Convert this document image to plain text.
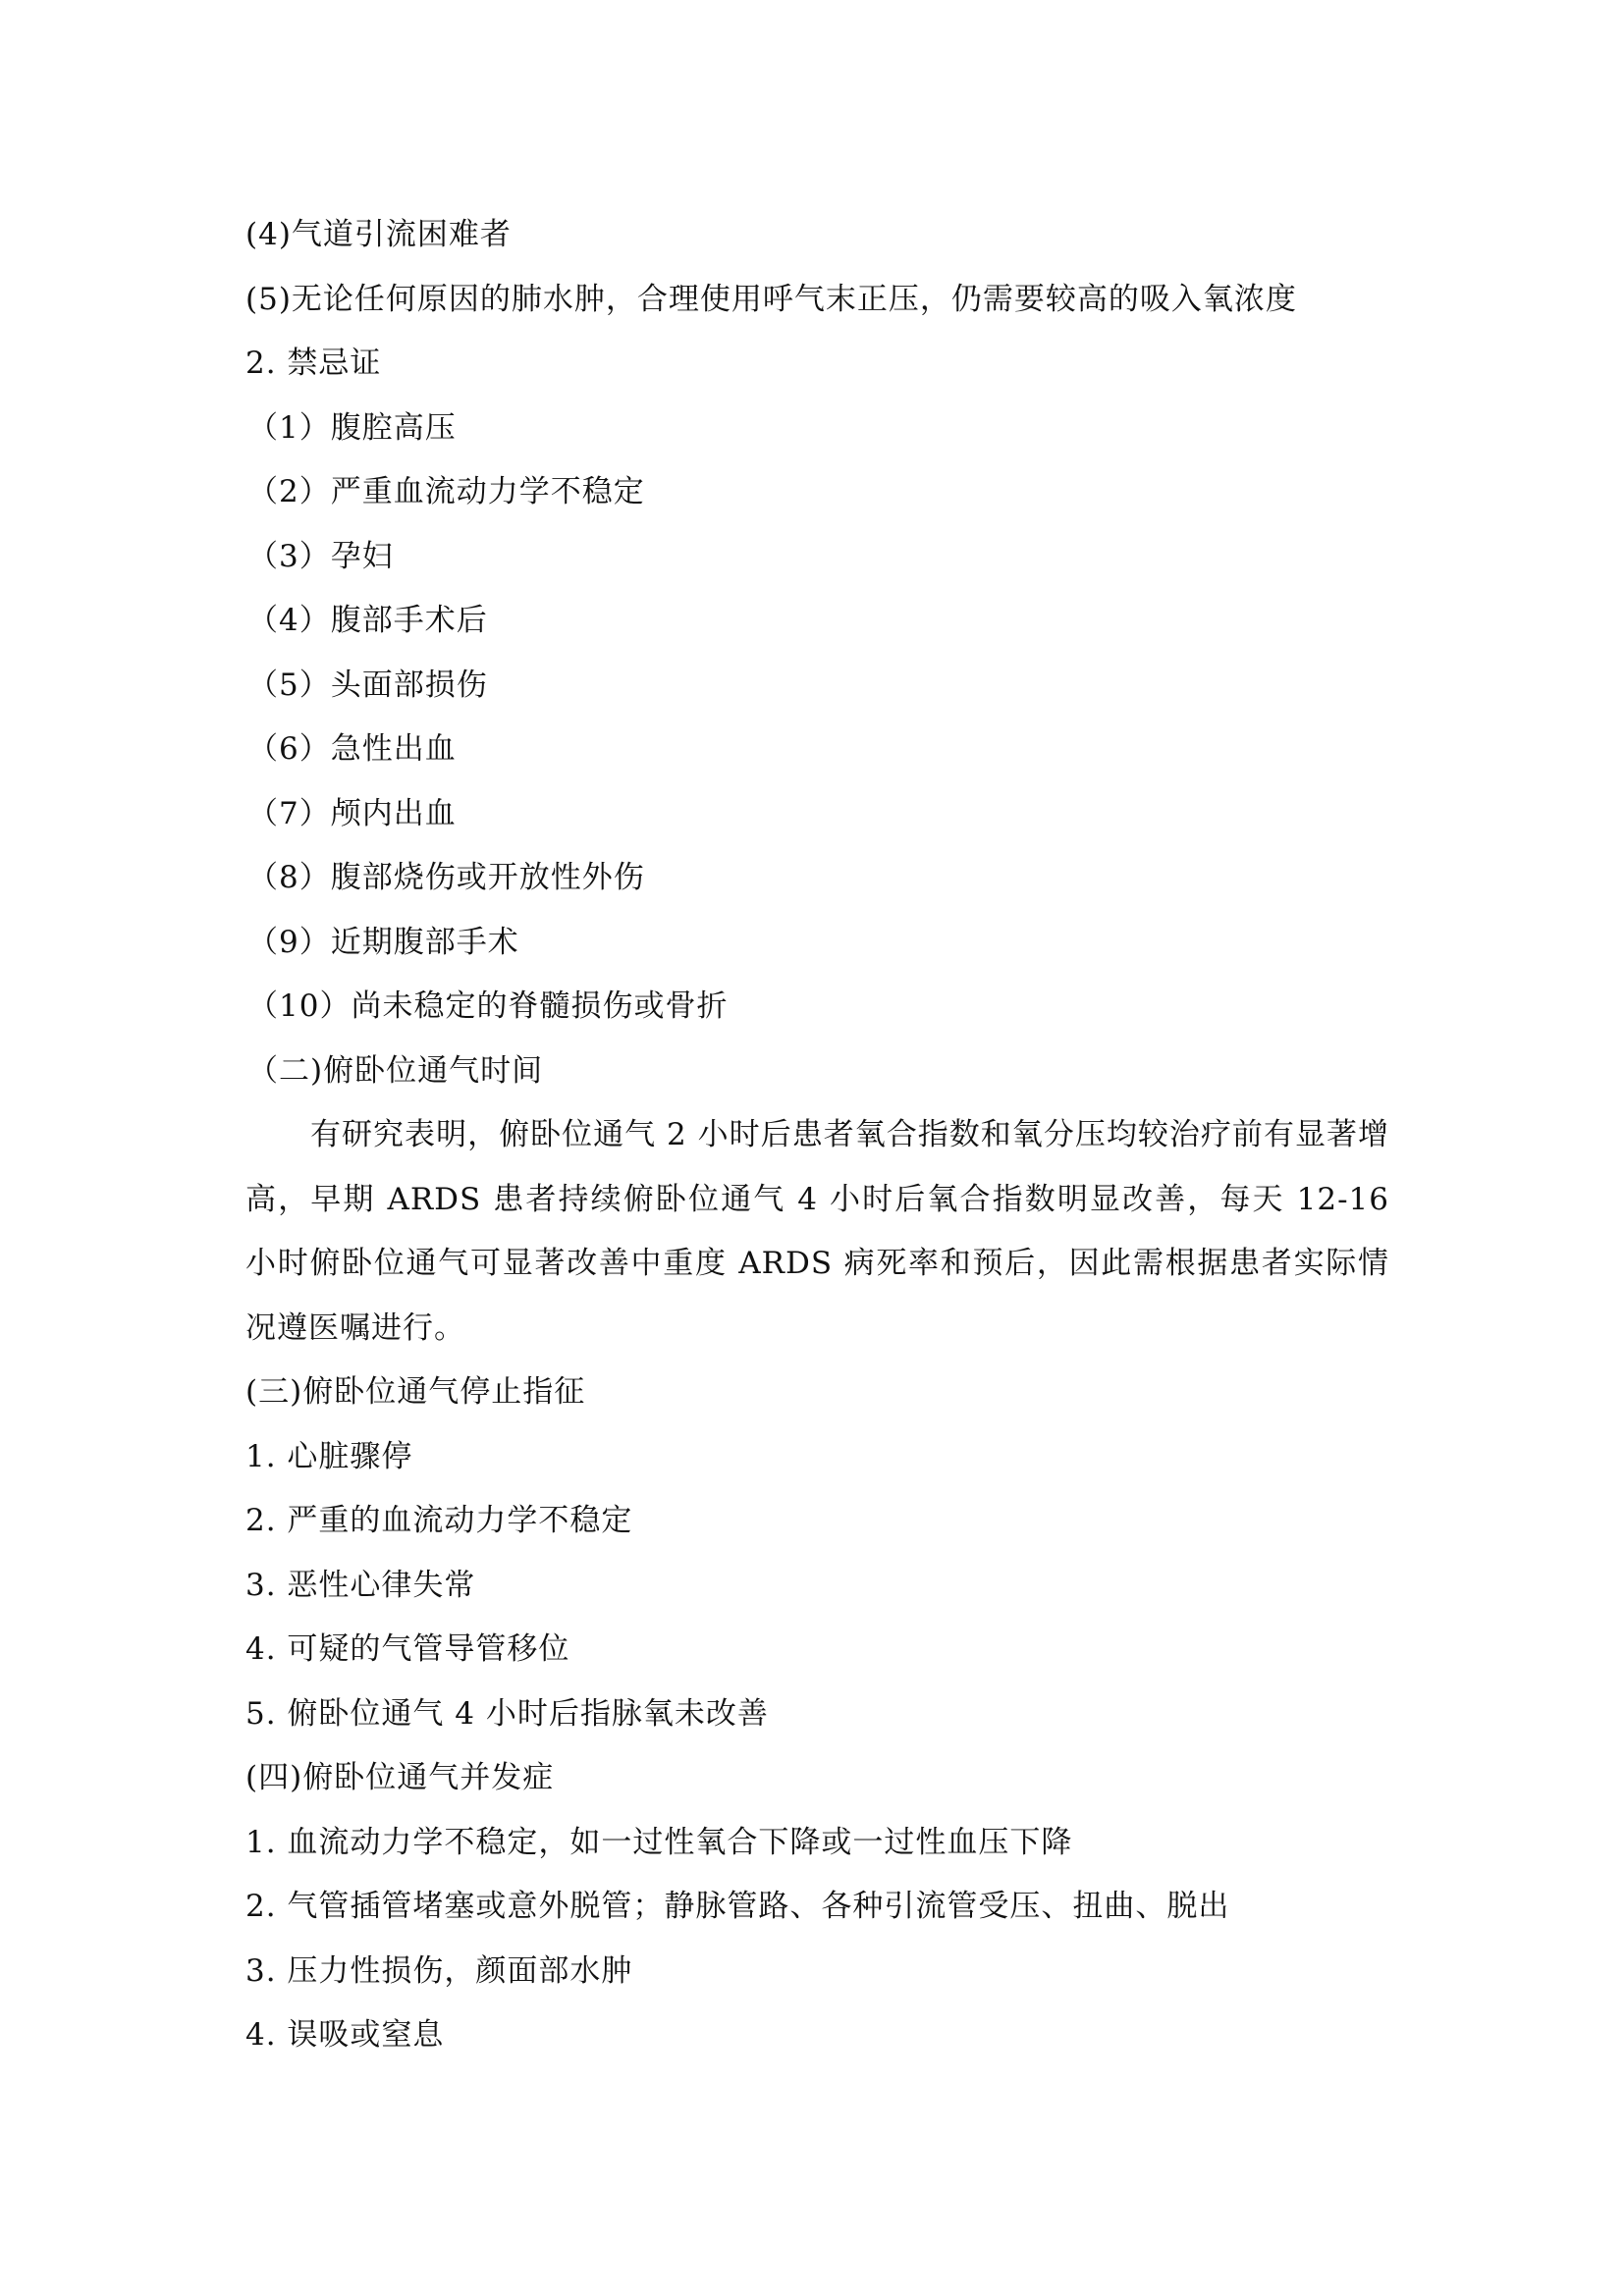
(4)气道引流困难者
(5)无论任何原因的肺水肿，合理使用呼气末正压，仍需要较高的吸入氧浓度
2. 禁忌证
（1）腹腔高压
（2）严重血流动力学不稳定
（3）孕妇
（4）腹部手术后
（5）头面部损伤
（6）急性出血
（7）颅内出血
（8）腹部烧伤或开放性外伤
（9）近期腹部手术
（10）尚未稳定的脊髓损伤或骨折
（二)俯卧位通气时间
有研究表明，俯卧位通气 2 小时后患者氧合指数和氧分压均较治疗前有显著增高，早期 ARDS 患者持续俯卧位通气 4 小时后氧合指数明显改善，每天 12-16 小时俯卧位通气可显著改善中重度 ARDS 病死率和预后，因此需根据患者实际情况遵医嘱进行。
(三)俯卧位通气停止指征
1. 心脏骤停
2. 严重的血流动力学不稳定
3. 恶性心律失常
4. 可疑的气管导管移位
5. 俯卧位通气 4 小时后指脉氧未改善
(四)俯卧位通气并发症
1. 血流动力学不稳定，如一过性氧合下降或一过性血压下降
2. 气管插管堵塞或意外脱管；静脉管路、各种引流管受压、扭曲、脱出
3. 压力性损伤，颜面部水肿
4. 误吸或窒息
